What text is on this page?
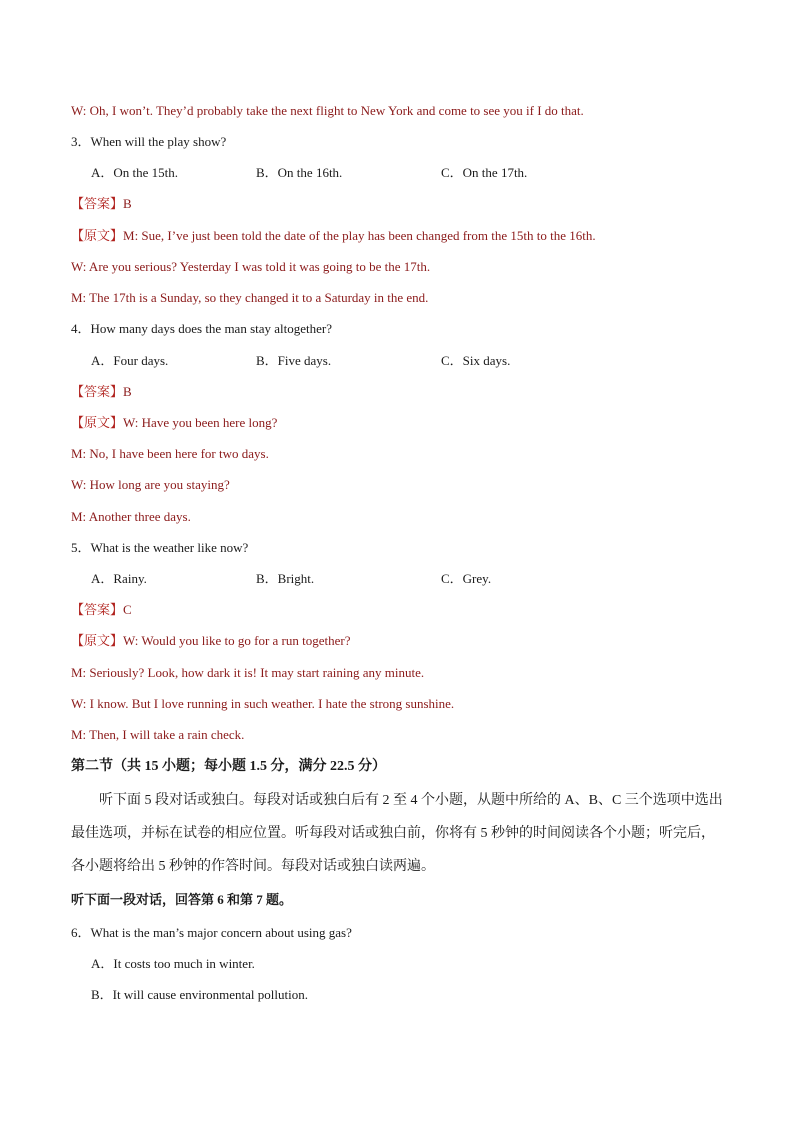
W: Oh, I won’t. They’d probably take the next flight to New York and come to see you if I do that.
3．When will the play show?
A．On the 15th.	B．On the 16th.	C．On the 17th.
【答案】B
【原文】M: Sue, I’ve just been told the date of the play has been changed from the 15th to the 16th.
W: Are you serious? Yesterday I was told it was going to be the 17th.
M: The 17th is a Sunday, so they changed it to a Saturday in the end.
4．How many days does the man stay altogether?
A．Four days.	B．Five days.	C．Six days.
【答案】B
【原文】W: Have you been here long?
M: No, I have been here for two days.
W: How long are you staying?
M: Another three days.
5．What is the weather like now?
A．Rainy.	B．Bright.	C．Grey.
【答案】C
【原文】W: Would you like to go for a run together?
M: Seriously? Look, how dark it is! It may start raining any minute.
W: I know. But I love running in such weather. I hate the strong sunshine.
M: Then, I will take a rain check.
第二节（共 15 小题；每小题 1.5 分，满分 22.5 分）
听下面 5 段对话或独白。每段对话或独白后有 2 至 4 个小题，从题中所给的 A、B、C 三个选项中选出
最佳选项，并标在试卷的相应位置。听每段对话或独白前，你将有 5 秒钟的时间阅读各个小题；听完后，
各小题将给出 5 秒钟的作答时间。每段对话或独白读两遍。
听下面一段对话，回答第 6 和第 7 题。
6．What is the man’s major concern about using gas?
A．It costs too much in winter.
B．It will cause environmental pollution.
